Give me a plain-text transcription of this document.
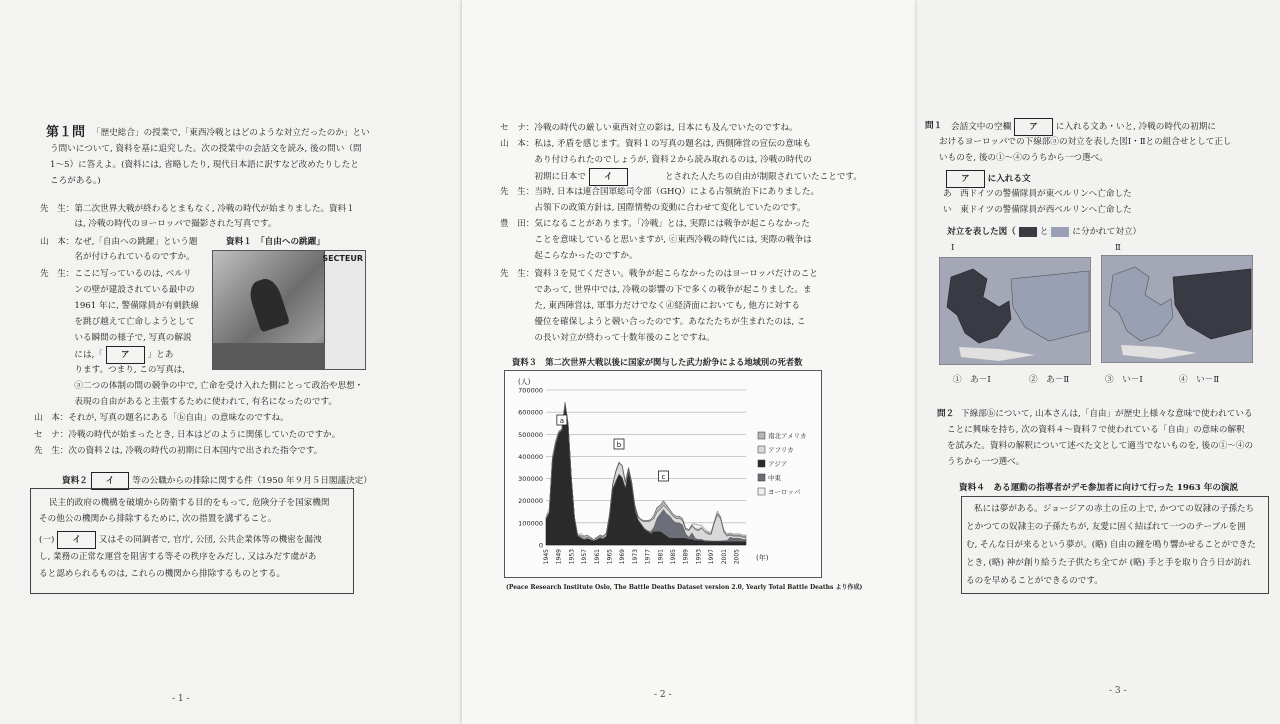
第１問 「歴史総合」の授業で,「東西冷戦とはどのような対立だったのか」とい
う問いについて, 資料を基に追究した。次の授業中の会話文を読み, 後の問い（問
1～5）に答えよ。(資料には, 省略したり, 現代日本語に訳すなど改めたりしたと
ころがある。)
先　生：第二次世界大戦が終わるとまもなく, 冷戦の時代が始まりました。資料１
　　　　は, 冷戦の時代のヨーロッパで撮影された写真です。
山　本：なぜ,「自由への跳躍」という題
　　　　名が付けられているのですか。
先　生：ここに写っているのは, ベルリ
　　　　ンの壁が建設されている最中の
　　　　1961 年に, 警備隊員が有刺鉄線
　　　　を跳び越えて亡命しようとして
　　　　いる瞬間の様子で, 写真の解説
　　　　には,「 ア 」とあ
　　　　ります。つまり, この写真は,
　　　　ⓐ二つの体制の間の競争の中で, 亡命を受け入れた側にとって政治や思想・
　　　　表現の自由があると主張するために使われて, 有名になったのです。
山　本：それが, 写真の題名にある「ⓑ自由」の意味なのですね。
セ　ナ：冷戦の時代が始まったとき, 日本はどのように関係していたのですか。
先　生：次の資料２は, 冷戦の時代の初期に日本国内で出された指令です。
資料１　「自由への跳躍」
SECTEUR
資料２ イ 等の公職からの排除に関する件（1950 年９月５日閣議決定）
民主的政府の機構を破壊から防衛する目的をもって, 危険分子を国家機関
その他公の機関から排除するために, 次の措置を講ずること。
(一) イ 又はその同調者で, 官庁, 公団, 公共企業体等の機密を漏洩
し, 業務の正常な運営を阻害する等その秩序をみだし, 又はみだす虞があ
ると認められるものは, これらの機関から排除するものとする。
- 1 -
セ　ナ：冷戦の時代の厳しい東西対立の影は, 日本にも及んでいたのですね。
山　本：私は, 矛盾を感じます。資料１の写真の題名は, 西側陣営の宣伝の意味も
　　　　あり付けられたのでしょうが, 資料２から読み取れるのは, 冷戦の時代の
　　　　初期に日本で イ　　　　とされた人たちの自由が制限されていたことです。
先　生：当時, 日本は連合国軍総司令部（GHQ）による占領統治下にありました。
　　　　占領下の政策方針は, 国際情勢の変動に合わせて変化していたのです。
豊　田：気になることがあります。「冷戦」とは, 実際には戦争が起こらなかった
　　　　ことを意味していると思いますが, ⓒ東西冷戦の時代には, 実際の戦争は
　　　　起こらなかったのですか。
先　生：資料３を見てください。戦争が起こらなかったのはヨーロッパだけのこと
　　　　であって, 世界中では, 冷戦の影響の下で多くの戦争が起こりました。ま
　　　　た, 東西陣営は, 軍事力だけでなくⓓ経済面においても, 他方に対する
　　　　優位を確保しようと競い合ったのです。あなたたちが生まれたのは, こ
　　　　の長い対立が終わって十数年後のことですね。
資料３　第二次世界大戦以後に国家が関与した武力紛争による地域別の死者数
(人)
(年)
0
100000
200000
300000
400000
500000
600000
700000
1945 1949 1953 1957 1961 1965 1969 1973 1977 1981 1985 1989 1993 1997 2001 2005
a
b
c
南北アメリカ
アフリカ
アジア
中東
ヨーロッパ
(Peace Research Institute Oslo, The Battle Deaths Dataset version 2.0, Yearly Total Battle Deaths より作成)
- 2 -
問１ 会話文中の空欄 ア に入れる文あ・いと, 冷戦の時代の初期に
おけるヨーロッパでの下線部ⓐの対立を表した図Ⅰ・Ⅱとの組合せとして正し
いものを, 後の①～④のうちから一つ選べ。
ア に入れる文
あ　西ドイツの警備隊員が東ベルリンへ亡命した
い　東ドイツの警備隊員が西ベルリンへ亡命した
対立を表した図（	と	に分かれて対立）
Ⅰ	Ⅱ
①　あ－Ⅰ	②　あ－Ⅱ	③　い－Ⅰ	④　い－Ⅱ
問２ 下線部ⓑについて, 山本さんは,「自由」が歴史上様々な意味で使われている
ことに興味を持ち, 次の資料４～資料７で使われている「自由」の意味の解釈
を試みた。資料の解釈について述べた文として適当でないものを, 後の①～④の
うちから一つ選べ。
資料４　ある運動の指導者がデモ参加者に向けて行った 1963 年の演説
私には夢がある。ジョージアの赤土の丘の上で, かつての奴隷の子孫たち
とかつての奴隷主の子孫たちが, 友愛に固く結ばれて一つのテーブルを囲
む, そんな日が来るという夢が。(略) 自由の鐘を鳴り響かせることができた
とき, (略) 神が創り給うた子供たち全てが (略) 手と手を取り合う日が訪れ
るのを早めることができるのです。
- 3 -
